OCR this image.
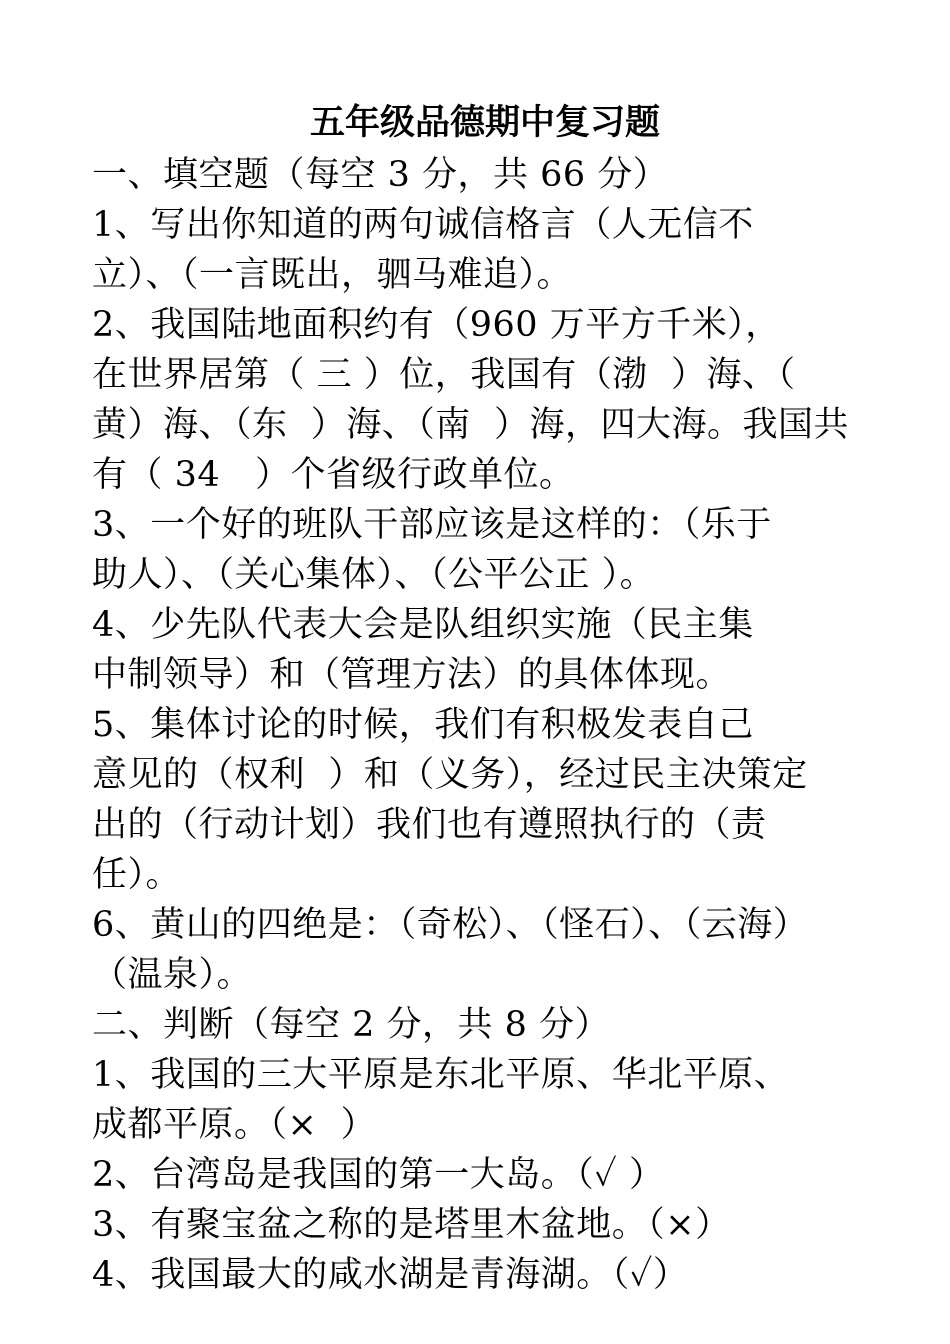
五年级品德期中复习题
一、填空题（每空 3 分，共 66 分）
1、写出你知道的两句诚信格言（人无信不
立）、（一言既出，驷马难追）。
2、我国陆地面积约有（960 万平方千米），
在世界居第（ 三 ）位，我国有（渤  ）海、（
黄）海、（东  ）海、（南  ）海，四大海。我国共
有（ 34   ）个省级行政单位。
3、一个好的班队干部应该是这样的：（乐于
助人）、（关心集体）、（公平公正 ）。
4、少先队代表大会是队组织实施（民主集
中制领导）和（管理方法）的具体体现。
5、集体讨论的时候，我们有积极发表自己
意见的（权利  ）和（义务），经过民主决策定
出的（行动计划）我们也有遵照执行的（责
任）。
6、黄山的四绝是：（奇松）、（怪石）、（云海）
（温泉）。
二、判断（每空 2 分，共 8 分）
1、我国的三大平原是东北平原、华北平原、
成都平原。（×  ）
2、台湾岛是我国的第一大岛。（✓ ）
3、有聚宝盆之称的是塔里木盆地。（×）
4、我国最大的咸水湖是青海湖。（✓）
